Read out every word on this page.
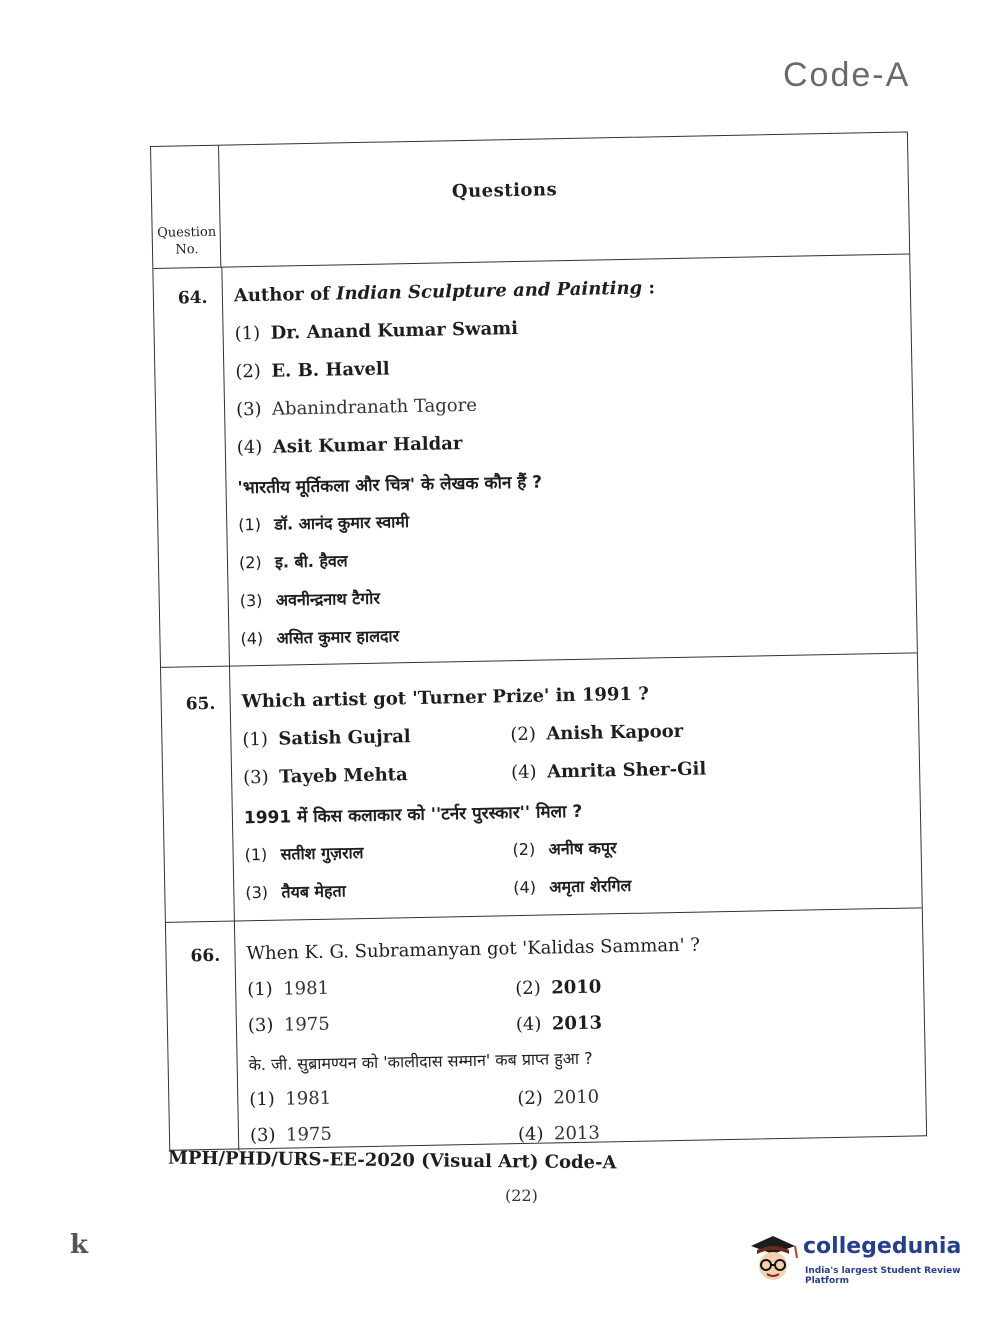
Code-A
Question No.
Questions
64. Author of Indian Sculpture and Painting :
(1) Dr. Anand Kumar Swami
(2) E. B. Havell
(3) Abanindranath Tagore
(4) Asit Kumar Haldar
'भारतीय मूर्तिकला और चित्र' के लेखक कौन हैं ?
(1) डॉ. आनंद कुमार स्वामी
(2) इ. बी. हैवल
(3) अवनीन्द्रनाथ टैगोर
(4) असित कुमार हालदार
65. Which artist got 'Turner Prize' in 1991 ?
(1) Satish Gujral	(2) Anish Kapoor
(3) Tayeb Mehta	(4) Amrita Sher-Gil
1991 में किस कलाकार को ''टर्नर पुरस्कार'' मिला ?
(1) सतीश गुज़राल	(2) अनीष कपूर
(3) तैयब मेहता	(4) अमृता शेरगिल
66. When K. G. Subramanyan got 'Kalidas Samman' ?
(1) 1981	(2) 2010
(3) 1975	(4) 2013
के. जी. सुब्रामण्यन को 'कालीदास सम्मान' कब प्राप्त हुआ ?
(1) 1981	(2) 2010
(3) 1975	(4) 2013
MPH/PHD/URS-EE-2020 (Visual Art) Code-A
(22)
k	collegedunia
India's largest Student Review Platform
